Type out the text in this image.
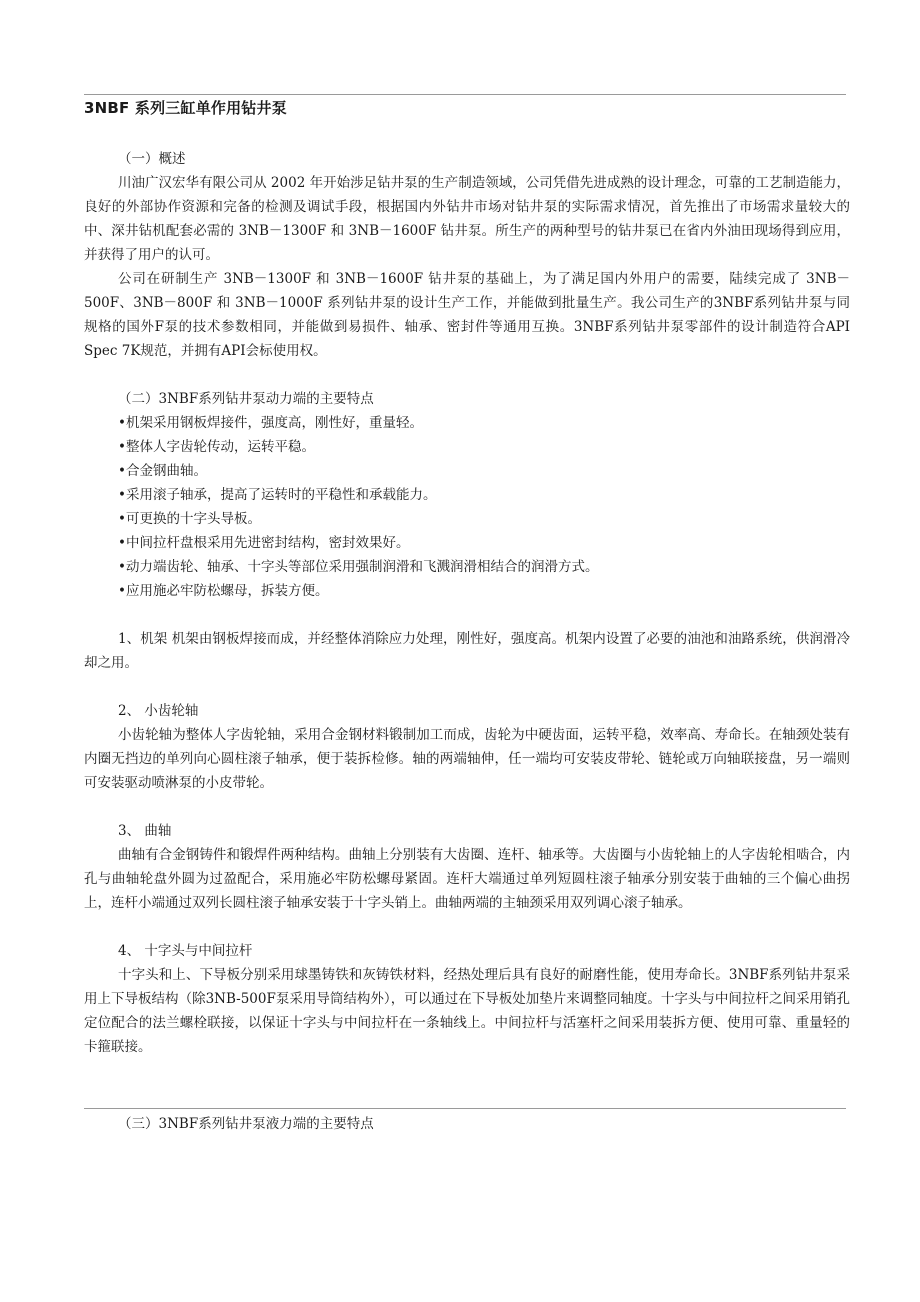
3NBF 系列三缸单作用钻井泵

（一）概述

川油广汉宏华有限公司从 2002 年开始涉足钻井泵的生产制造领域，公司凭借先进成熟的设计理念，可靠的工艺制造能力，良好的外部协作资源和完备的检测及调试手段，根据国内外钻井市场对钻井泵的实际需求情况，首先推出了市场需求量较大的中、深井钻机配套必需的 3NB－1300F 和 3NB－1600F 钻井泵。所生产的两种型号的钻井泵已在省内外油田现场得到应用，并获得了用户的认可。

公司在研制生产 3NB－1300F 和 3NB－1600F 钻井泵的基础上，为了满足国内外用户的需要，陆续完成了 3NB－500F、3NB－800F 和 3NB－1000F 系列钻井泵的设计生产工作，并能做到批量生产。我公司生产的3NBF系列钻井泵与同规格的国外F泵的技术参数相同，并能做到易损件、轴承、密封件等通用互换。3NBF系列钻井泵零部件的设计制造符合API Spec 7K规范，并拥有API会标使用权。

（二）3NBF系列钻井泵动力端的主要特点

•机架采用钢板焊接件，强度高，刚性好，重量轻。

•整体人字齿轮传动，运转平稳。

•合金钢曲轴。

•采用滚子轴承，提高了运转时的平稳性和承载能力。

•可更换的十字头导板。

•中间拉杆盘根采用先进密封结构，密封效果好。

•动力端齿轮、轴承、十字头等部位采用强制润滑和飞溅润滑相结合的润滑方式。

•应用施必牢防松螺母，拆装方便。

1、机架 机架由钢板焊接而成，并经整体消除应力处理，刚性好，强度高。机架内设置了必要的油池和油路系统，供润滑冷却之用。

2、 小齿轮轴

小齿轮轴为整体人字齿轮轴，采用合金钢材料锻制加工而成，齿轮为中硬齿面，运转平稳，效率高、寿命长。在轴颈处装有内圈无挡边的单列向心圆柱滚子轴承，便于装拆检修。轴的两端轴伸，任一端均可安装皮带轮、链轮或万向轴联接盘，另一端则可安装驱动喷淋泵的小皮带轮。

3、 曲轴

曲轴有合金钢铸件和锻焊件两种结构。曲轴上分别装有大齿圈、连杆、轴承等。大齿圈与小齿轮轴上的人字齿轮相啮合，内孔与曲轴轮盘外圆为过盈配合，采用施必牢防松螺母紧固。连杆大端通过单列短圆柱滚子轴承分别安装于曲轴的三个偏心曲拐上，连杆小端通过双列长圆柱滚子轴承安装于十字头销上。曲轴两端的主轴颈采用双列调心滚子轴承。

4、 十字头与中间拉杆

十字头和上、下导板分别采用球墨铸铁和灰铸铁材料，经热处理后具有良好的耐磨性能，使用寿命长。3NBF系列钻井泵采用上下导板结构（除3NB-500F泵采用导筒结构外），可以通过在下导板处加垫片来调整同轴度。十字头与中间拉杆之间采用销孔定位配合的法兰螺栓联接，以保证十字头与中间拉杆在一条轴线上。中间拉杆与活塞杆之间采用装拆方便、使用可靠、重量轻的卡箍联接。

（三）3NBF系列钻井泵液力端的主要特点
